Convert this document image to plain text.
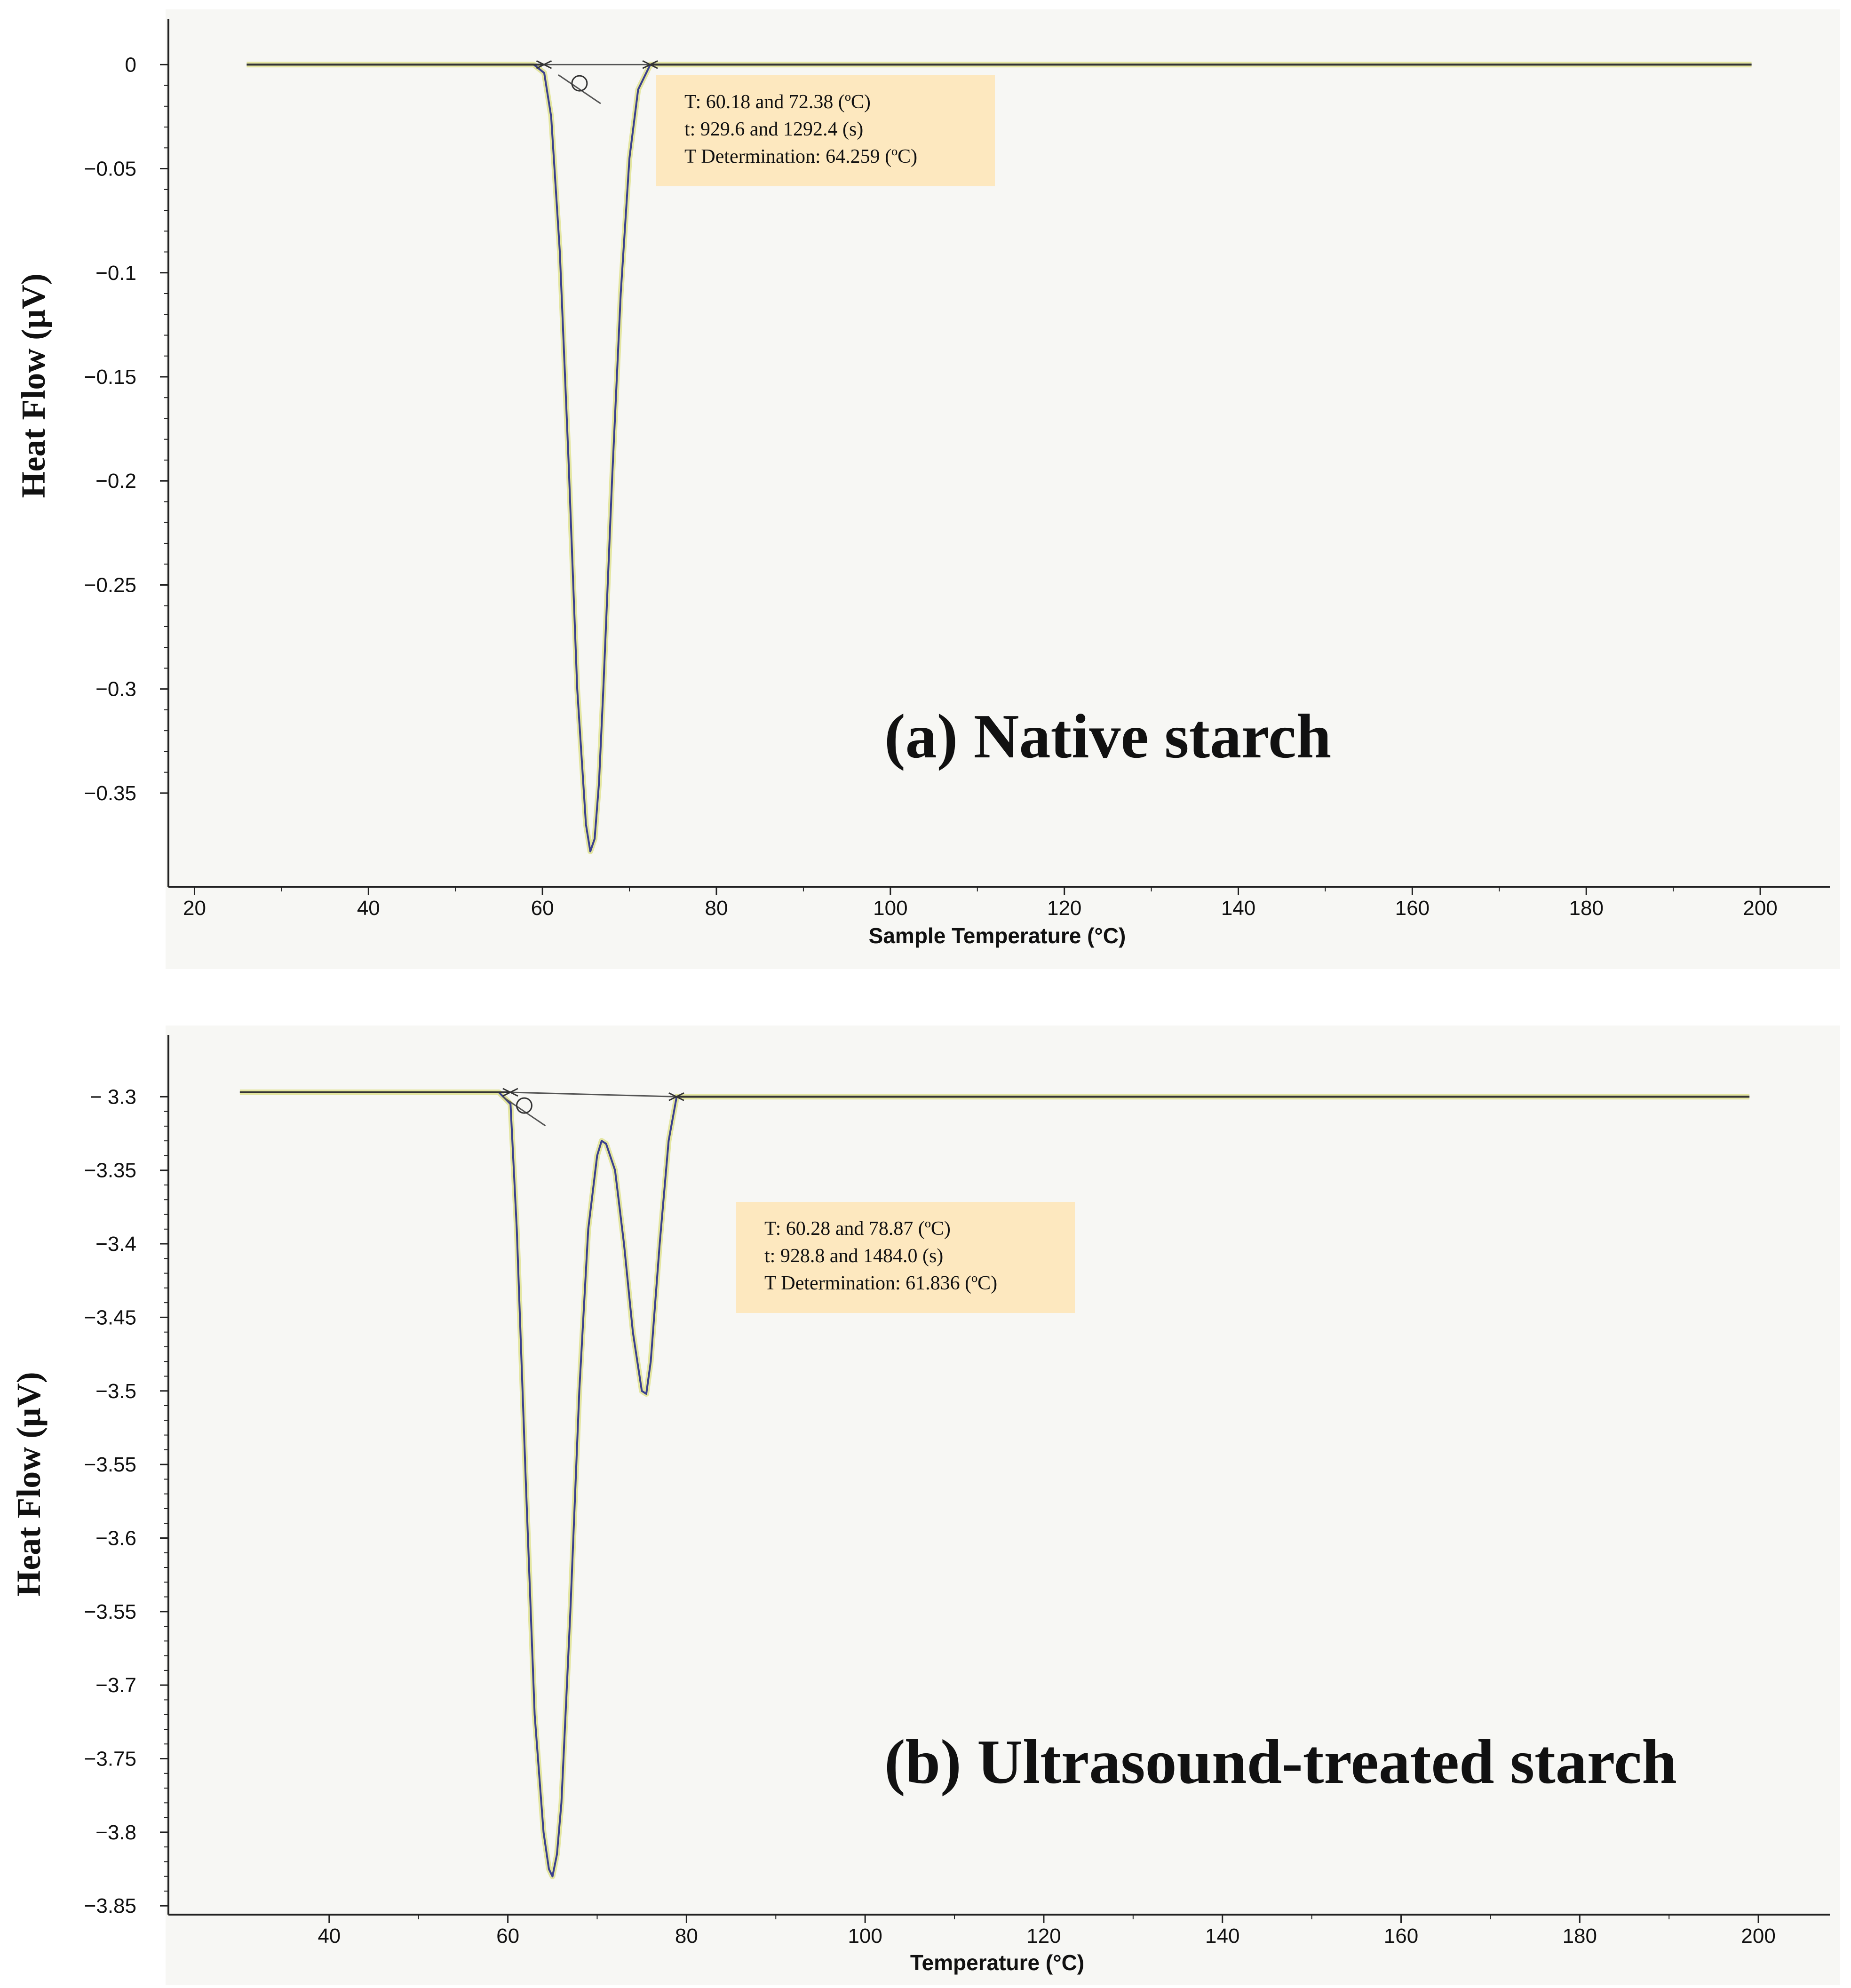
0
−0.05
−0.1
−0.15
−0.2
−0.25
−0.3
−0.35
20	40	60	80	100	120	140	160	180	200
Sample Temperature (°C)
Heat Flow (µV)
T: 60.18 and 72.38 (ºC)
t: 929.6 and 1292.4 (s)
T Determination: 64.259 (ºC)
(a) Native starch
− 3.3
−3.35
−3.4
−3.45
−3.5
−3.55
−3.6
−3.55
−3.7
−3.75
−3.8
−3.85
40	60	80	100	120	140	160	180	200
Temperature (°C)
Heat Flow (µV)
T: 60.28 and 78.87 (ºC)
t: 928.8 and 1484.0 (s)
T Determination: 61.836 (ºC)
(b) Ultrasound-treated starch
